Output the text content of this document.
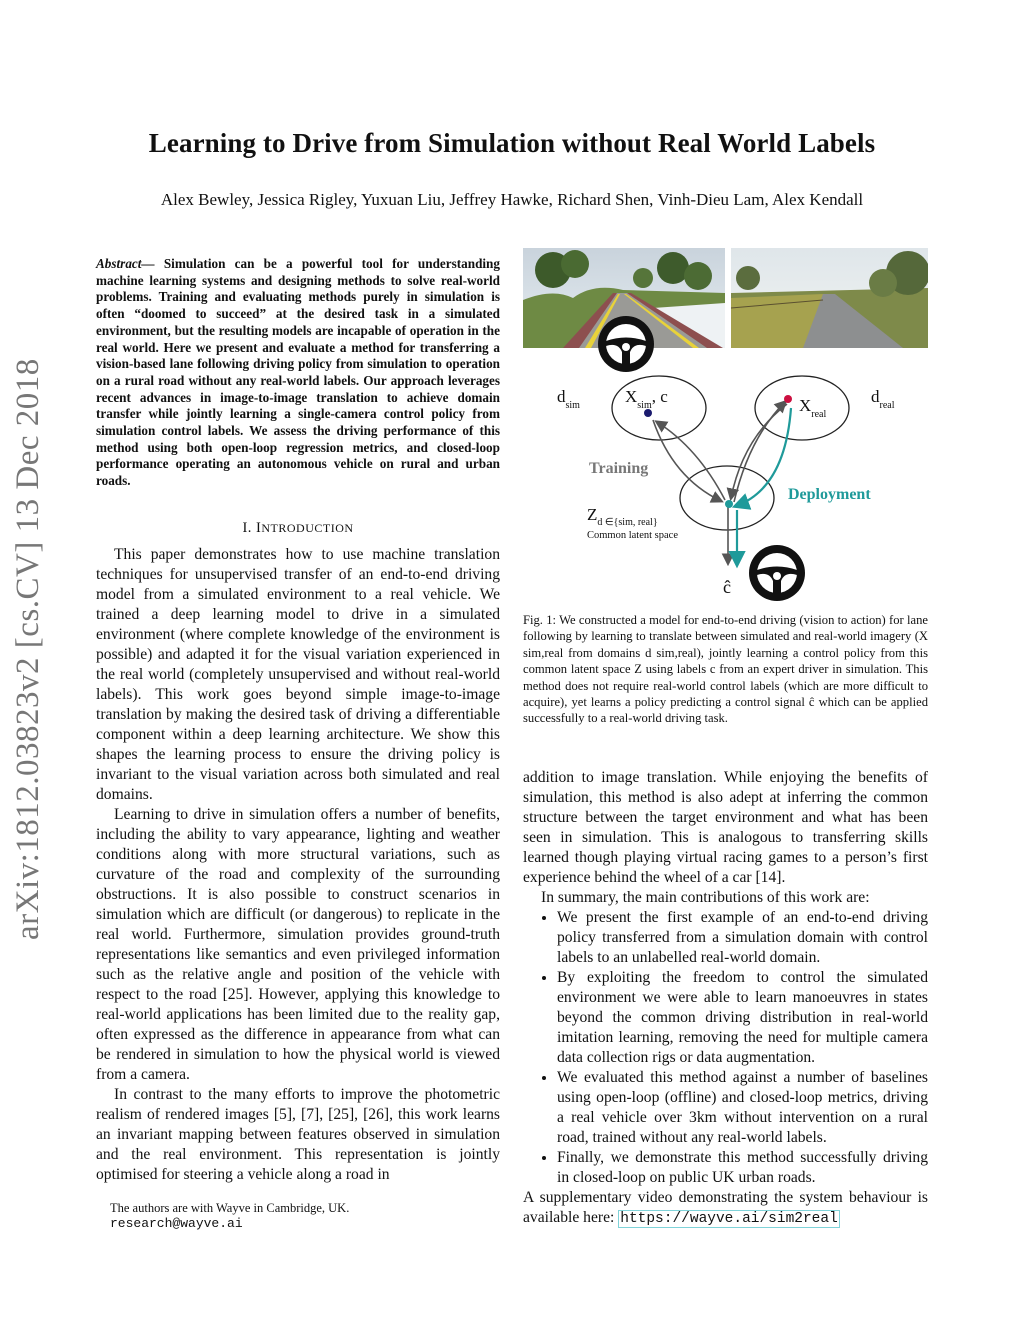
arXiv:1812.03823v2 [cs.CV] 13 Dec 2018
Learning to Drive from Simulation without Real World Labels
Alex Bewley, Jessica Rigley, Yuxuan Liu, Jeffrey Hawke, Richard Shen, Vinh-Dieu Lam, Alex Kendall
Abstract— Simulation can be a powerful tool for understanding machine learning systems and designing methods to solve real-world problems. Training and evaluating methods purely in simulation is often “doomed to succeed” at the desired task in a simulated environment, but the resulting models are incapable of operation in the real world. Here we present and evaluate a method for transferring a vision-based lane following driving policy from simulation to operation on a rural road without any real-world labels. Our approach leverages recent advances in image-to-image translation to achieve domain transfer while jointly learning a single-camera control policy from simulation control labels. We assess the driving performance of this method using both open-loop regression metrics, and closed-loop performance operating an autonomous vehicle on rural and urban roads.
I. INTRODUCTION

This paper demonstrates how to use machine translation techniques for unsupervised transfer of an end-to-end driving model from a simulated environment to a real vehicle. We trained a deep learning model to drive in a simulated environment (where complete knowledge of the environment is possible) and adapted it for the visual variation experienced in the real world (completely unsupervised and without real-world labels). This work goes beyond simple image-to-image translation by making the desired task of driving a differentiable component within a deep learning architecture. We show this shapes the learning process to ensure the driving policy is invariant to the visual variation across both simulated and real domains.

Learning to drive in simulation offers a number of benefits, including the ability to vary appearance, lighting and weather conditions along with more structural variations, such as curvature of the road and complexity of the surrounding obstructions. It is also possible to construct scenarios in simulation which are difficult (or dangerous) to replicate in the real world. Furthermore, simulation provides ground-truth representations like semantics and even privileged information such as the relative angle and position of the vehicle with respect to the road [25]. However, applying this knowledge to real-world applications has been limited due to the reality gap, often expressed as the difference in appearance from what can be rendered in simulation to how the physical world is viewed from a camera.

In contrast to the many efforts to improve the photometric realism of rendered images [5], [7], [25], [26], this work learns an invariant mapping between features observed in simulation and the real environment. This representation is jointly optimised for steering a vehicle along a road in

The authors are with Wayve in Cambridge, UK.
research@wayve.ai
$d_{sim}$	$X_{sim}$, c	$X_{real}$
$d_{real}$
Training
Deployment
$Z_{d \in\{sim, real\}}$
Common latent space
ĉ
Fig. 1: We constructed a model for end-to-end driving (vision to action) for lane following by learning to translate between simulated and real-world imagery (X sim,real from domains d sim,real), jointly learning a control policy from this common latent space Z using labels c from an expert driver in simulation. This method does not require real-world control labels (which are more difficult to acquire), yet learns a policy predicting a control signal ĉ which can be applied successfully to a real-world driving task.

addition to image translation. While enjoying the benefits of simulation, this method is also adept at inferring the common structure between the target environment and what has been seen in simulation. This is analogous to transferring skills learned though playing virtual racing games to a person’s first experience behind the wheel of a car [14].

In summary, the main contributions of this work are:

• We present the first example of an end-to-end driving policy transferred from a simulation domain with control labels to an unlabelled real-world domain.
• By exploiting the freedom to control the simulated environment we were able to learn manoeuvres in states beyond the common driving distribution in real-world imitation learning, removing the need for multiple camera data collection rigs or data augmentation.
• We evaluated this method against a number of baselines using open-loop (offline) and closed-loop metrics, driving a real vehicle over 3km without intervention on a rural road, trained without any real-world labels.
• Finally, we demonstrate this method successfully driving in closed-loop on public UK urban roads.

A supplementary video demonstrating the system behaviour is available here: https://wayve.ai/sim2real
